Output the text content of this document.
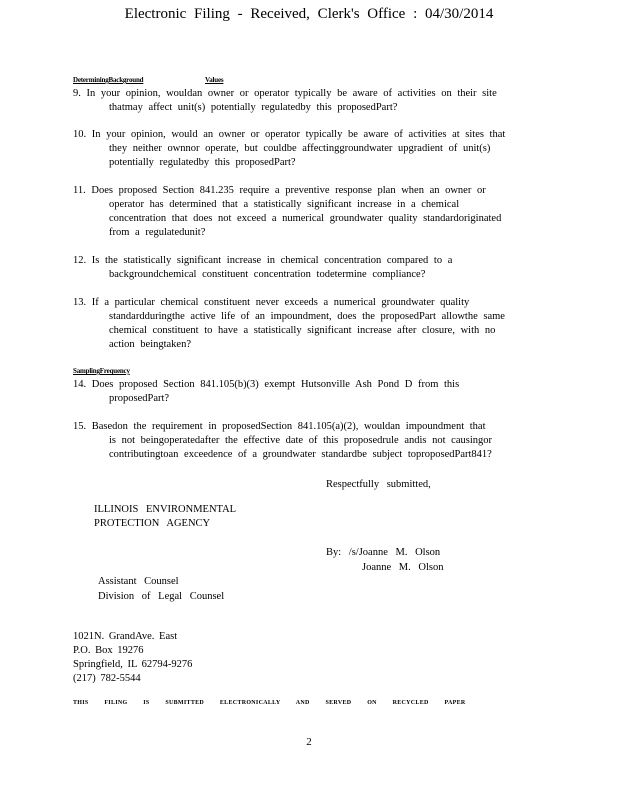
Electronic Filing - Received, Clerk's Office : 04/30/2014
DeterminingBackground	Values
9. In your opinion, wouldan owner or operator typically be aware of activities on their site
thatmay affect unit(s) potentially regulatedby this proposedPart?
10. In your opinion, would an owner or operator typically be aware of activities at sites that
they neither ownnor operate, but couldbe affectinggroundwater upgradient of unit(s)
potentially regulatedby this proposedPart?
11. Does proposed Section 841.235 require a preventive response plan when an owner or
operator has determined that a statistically significant increase in a chemical
concentration that does not exceed a numerical groundwater quality standardoriginated
from a regulatedunit?
12. Is the statistically significant increase in chemical concentration compared to a
backgroundchemical constituent concentration todetermine compliance?
13. If a particular chemical constituent never exceeds a numerical groundwater quality
standardduringthe active life of an impoundment, does the proposedPart allowthe same
chemical constituent to have a statistically significant increase after closure, with no
action beingtaken?
14. Does proposed Section 841.105(b)(3) exempt Hutsonville Ash Pond D from this
proposedPart?
15. Basedon the requirement in proposedSection 841.105(a)(2), wouldan impoundment that
is not beingoperatedafter the effective date of this proposedrule andis not causingor
contributingtoan exceedence of a groundwater standardbe subject toproposedPart841?
SamplingFrequency
Respectfully submitted,
ILLINOIS ENVIRONMENTAL
PROTECTION AGENCY
By: /s/Joanne M. Olson
Joanne M. Olson
Assistant Counsel
Division of Legal Counsel
1021N. GrandAve. East
P.O. Box 19276
Springfield, IL 62794-9276
(217) 782-5544
THIS FILING IS SUBMITTED ELECTRONICALLY AND SERVED ON RECYCLED PAPER
2
